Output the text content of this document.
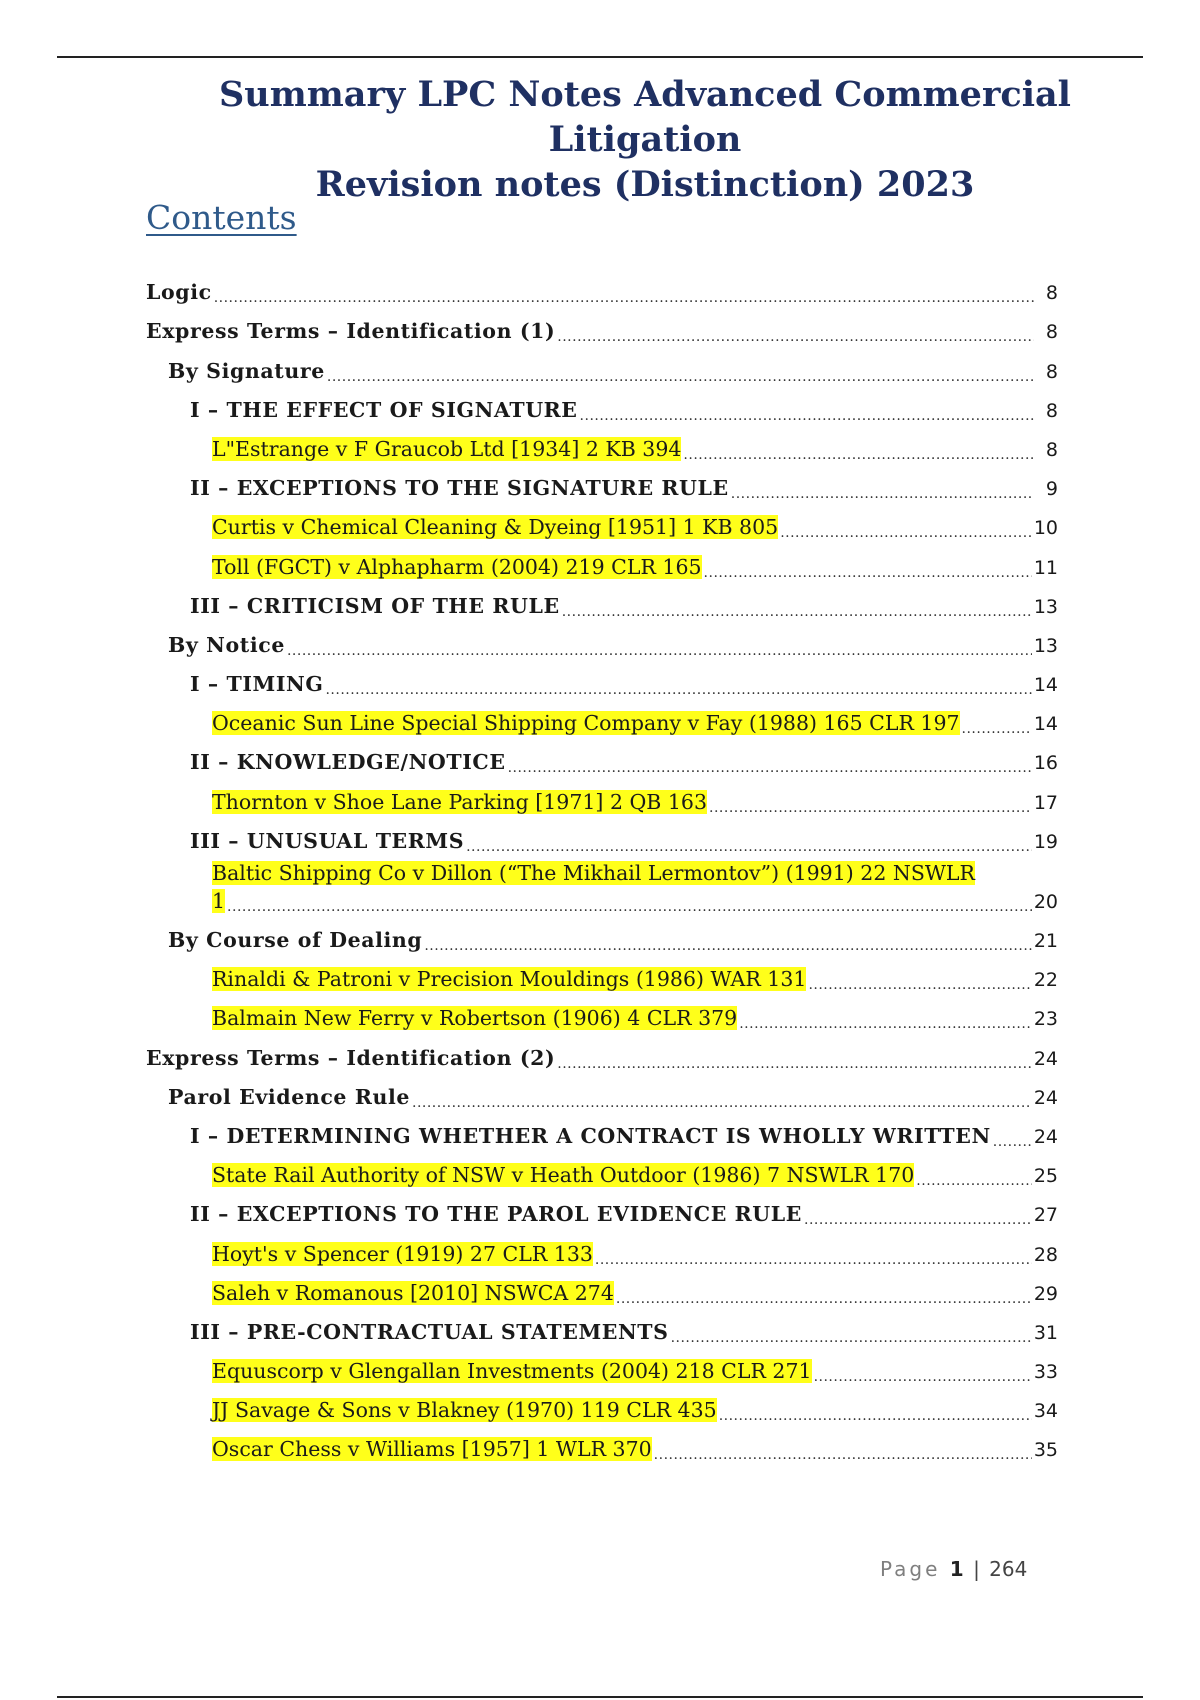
Summary LPC Notes Advanced Commercial Litigation
Revision notes (Distinction) 2023
Contents
Logic .....	8
Express Terms – Identification (1) .....	8
By Signature .....	8
I – THE EFFECT OF SIGNATURE .....	8
L"Estrange v F Graucob Ltd [1934] 2 KB 394 .....	8
II – EXCEPTIONS TO THE SIGNATURE RULE .....	9
Curtis v Chemical Cleaning & Dyeing [1951] 1 KB 805 .....	10
Toll (FGCT) v Alphapharm (2004) 219 CLR 165 .....	11
III – CRITICISM OF THE RULE .....	13
By Notice .....	13
I – TIMING .....	14
Oceanic Sun Line Special Shipping Company v Fay (1988) 165 CLR 197 .....	14
II – KNOWLEDGE/NOTICE .....	16
Thornton v Shoe Lane Parking [1971] 2 QB 163 .....	17
III – UNUSUAL TERMS .....	19
Baltic Shipping Co v Dillon (“The Mikhail Lermontov”) (1991) 22 NSWLR
1 .....	20
By Course of Dealing .....	21
Rinaldi & Patroni v Precision Mouldings (1986) WAR 131 .....	22
Balmain New Ferry v Robertson (1906) 4 CLR 379 .....	23
Express Terms – Identification (2) .....	24
Parol Evidence Rule .....	24
I – DETERMINING WHETHER A CONTRACT IS WHOLLY WRITTEN ..... 24
State Rail Authority of NSW v Heath Outdoor (1986) 7 NSWLR 170 .....	25
II – EXCEPTIONS TO THE PAROL EVIDENCE RULE .....	27
Hoyt's v Spencer (1919) 27 CLR 133 .....	28
Saleh v Romanous [2010] NSWCA 274 .....	29
III – PRE-CONTRACTUAL STATEMENTS .....	31
Equuscorp v Glengallan Investments (2004) 218 CLR 271 .....	33
JJ Savage & Sons v Blakney (1970) 119 CLR 435 .....	34
Oscar Chess v Williams [1957] 1 WLR 370 .....	35
Page 1 | 264
